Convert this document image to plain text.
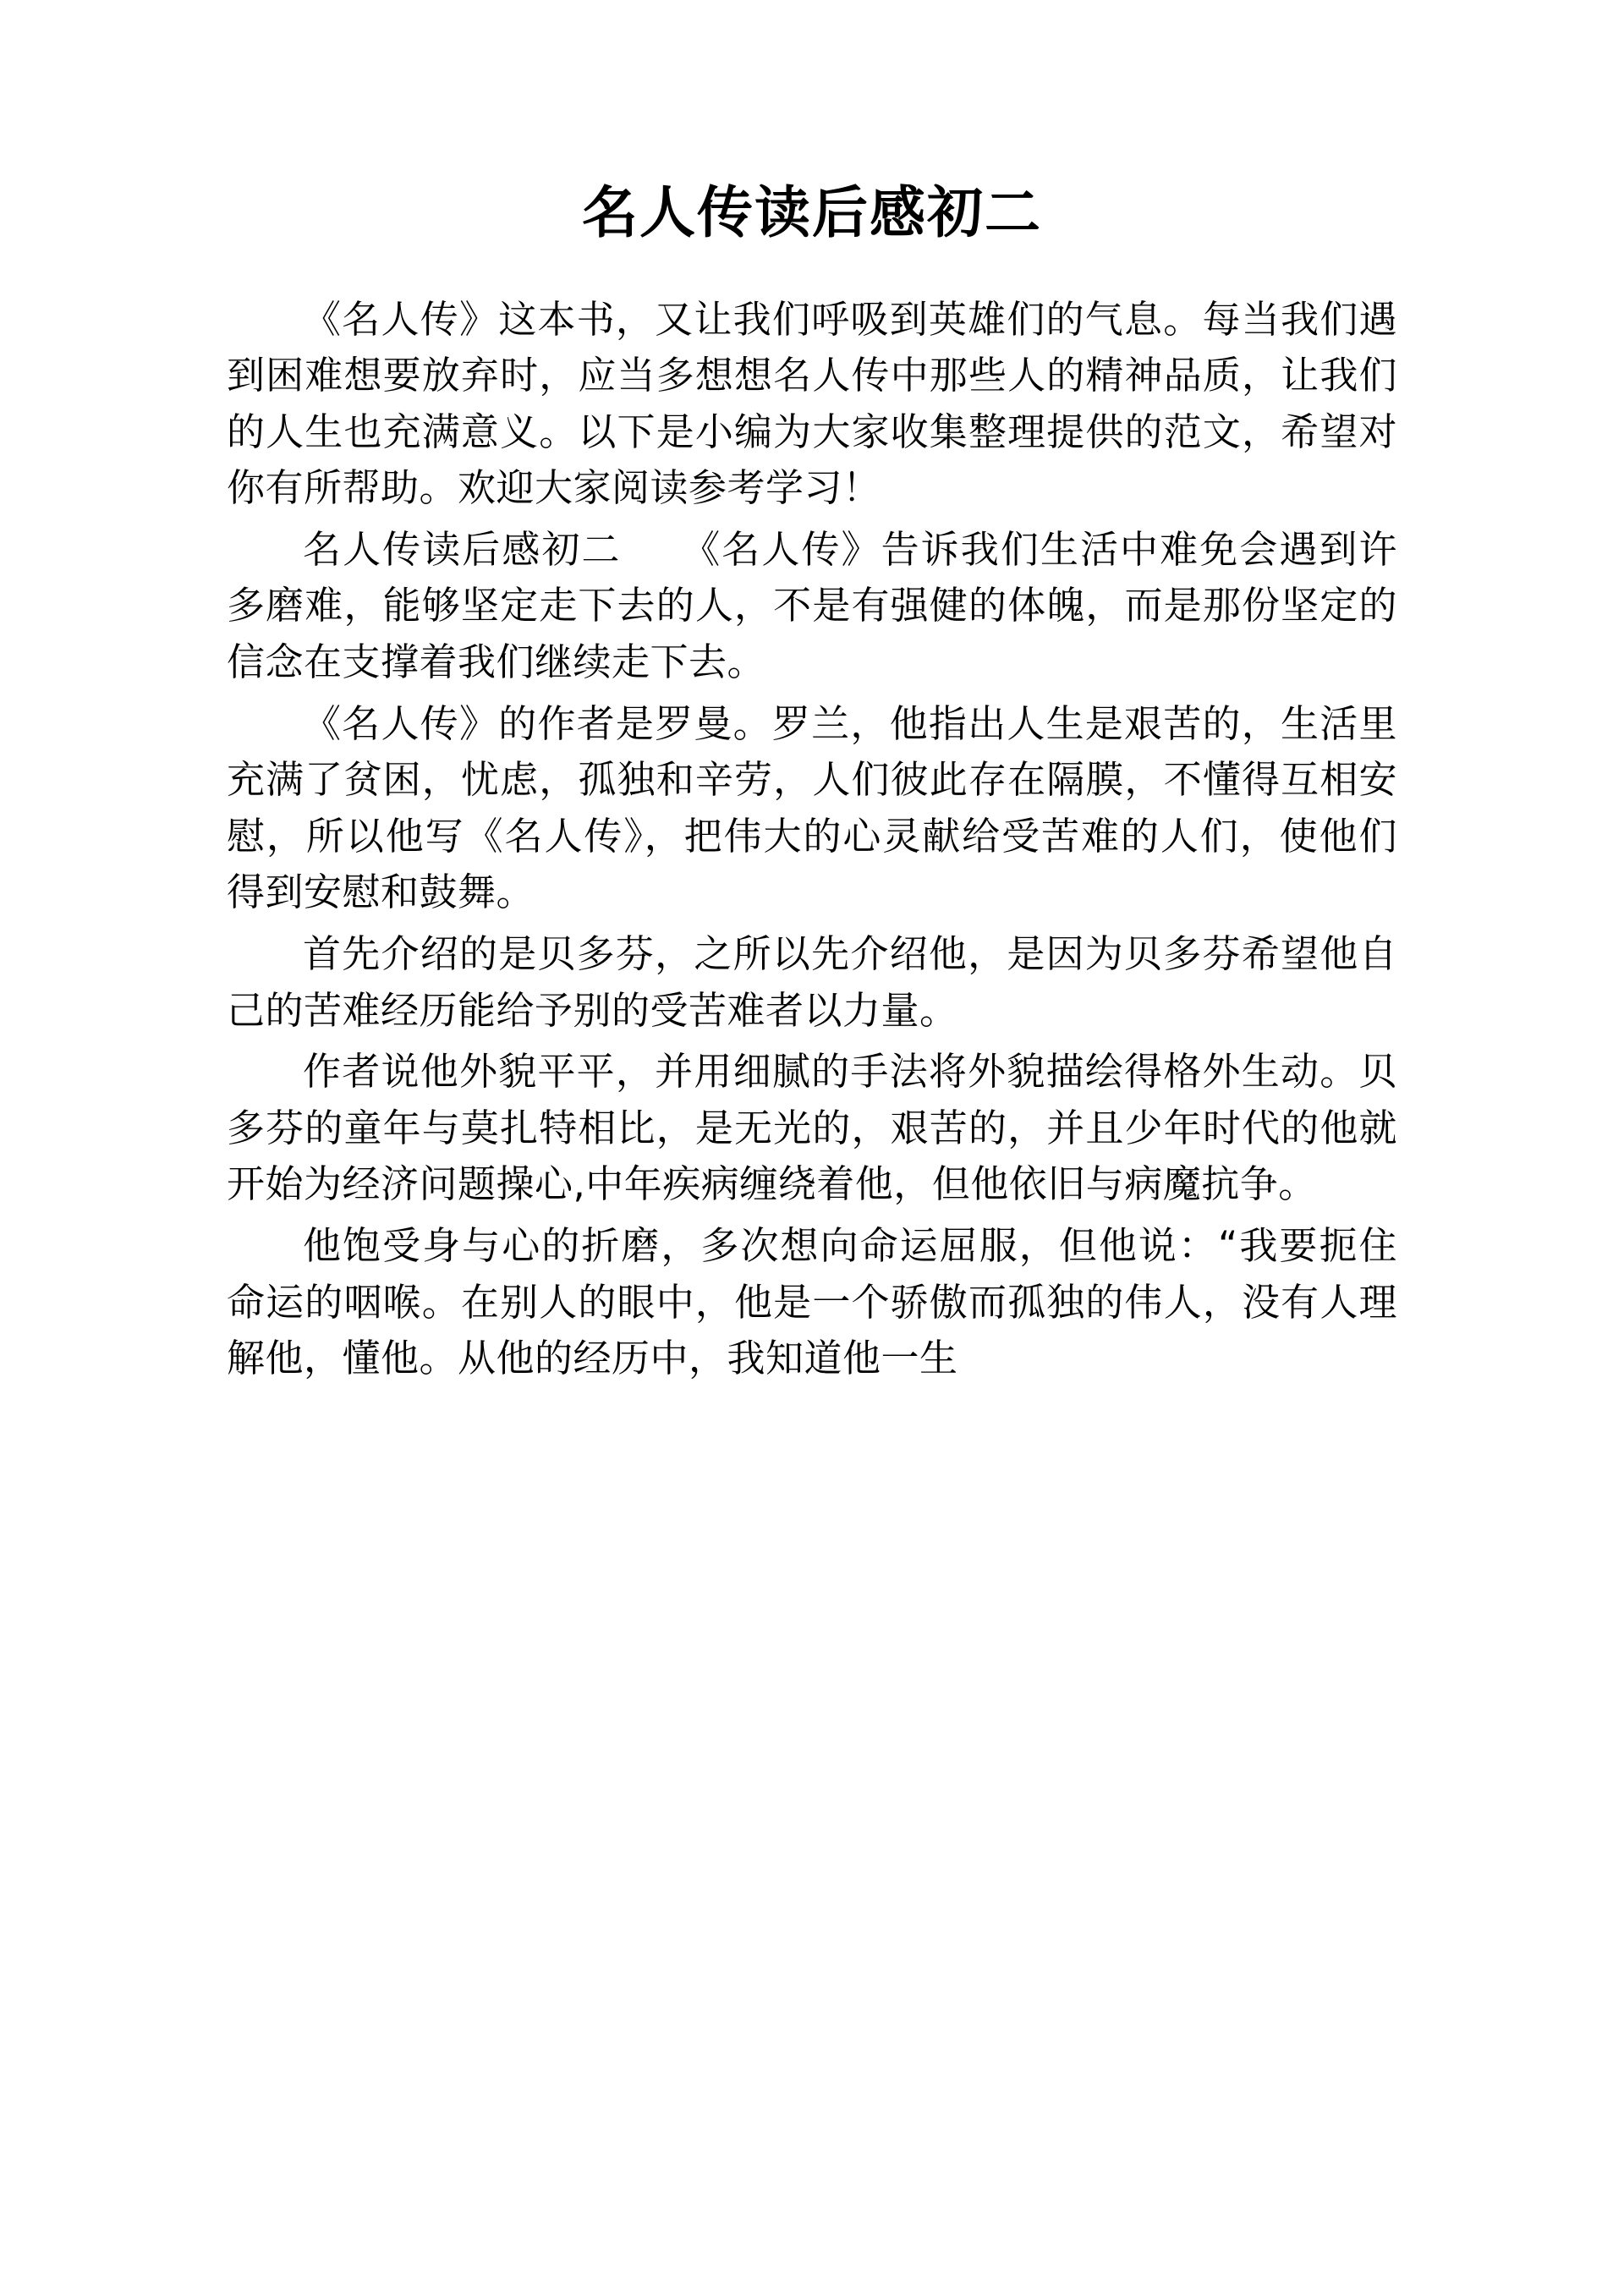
名人传读后感初二

《名人传》这本书，又让我们呼吸到英雄们的气息。每当我们遇到困难想要放弃时，应当多想想名人传中那些人的精神品质，让我们的人生也充满意义。以下是小编为大家收集整理提供的范文，希望对你有所帮助。欢迎大家阅读参考学习！

名人传读后感初二　　《名人传》告诉我们生活中难免会遇到许多磨难，能够坚定走下去的人，不是有强健的体魄，而是那份坚定的信念在支撑着我们继续走下去。

《名人传》的作者是罗曼。罗兰，他指出人生是艰苦的，生活里充满了贫困，忧虑，孤独和辛劳，人们彼此存在隔膜，不懂得互相安慰，所以他写《名人传》，把伟大的心灵献给受苦难的人们，使他们得到安慰和鼓舞。

首先介绍的是贝多芬，之所以先介绍他，是因为贝多芬希望他自己的苦难经历能给予别的受苦难者以力量。

作者说他外貌平平，并用细腻的手法将外貌描绘得格外生动。贝多芬的童年与莫扎特相比，是无光的，艰苦的，并且少年时代的他就开始为经济问题操心,中年疾病缠绕着他，但他依旧与病魔抗争。

他饱受身与心的折磨，多次想向命运屈服，但他说：“我要扼住命运的咽喉。在别人的眼中，他是一个骄傲而孤独的伟人，没有人理解他，懂他。从他的经历中，我知道他一生
